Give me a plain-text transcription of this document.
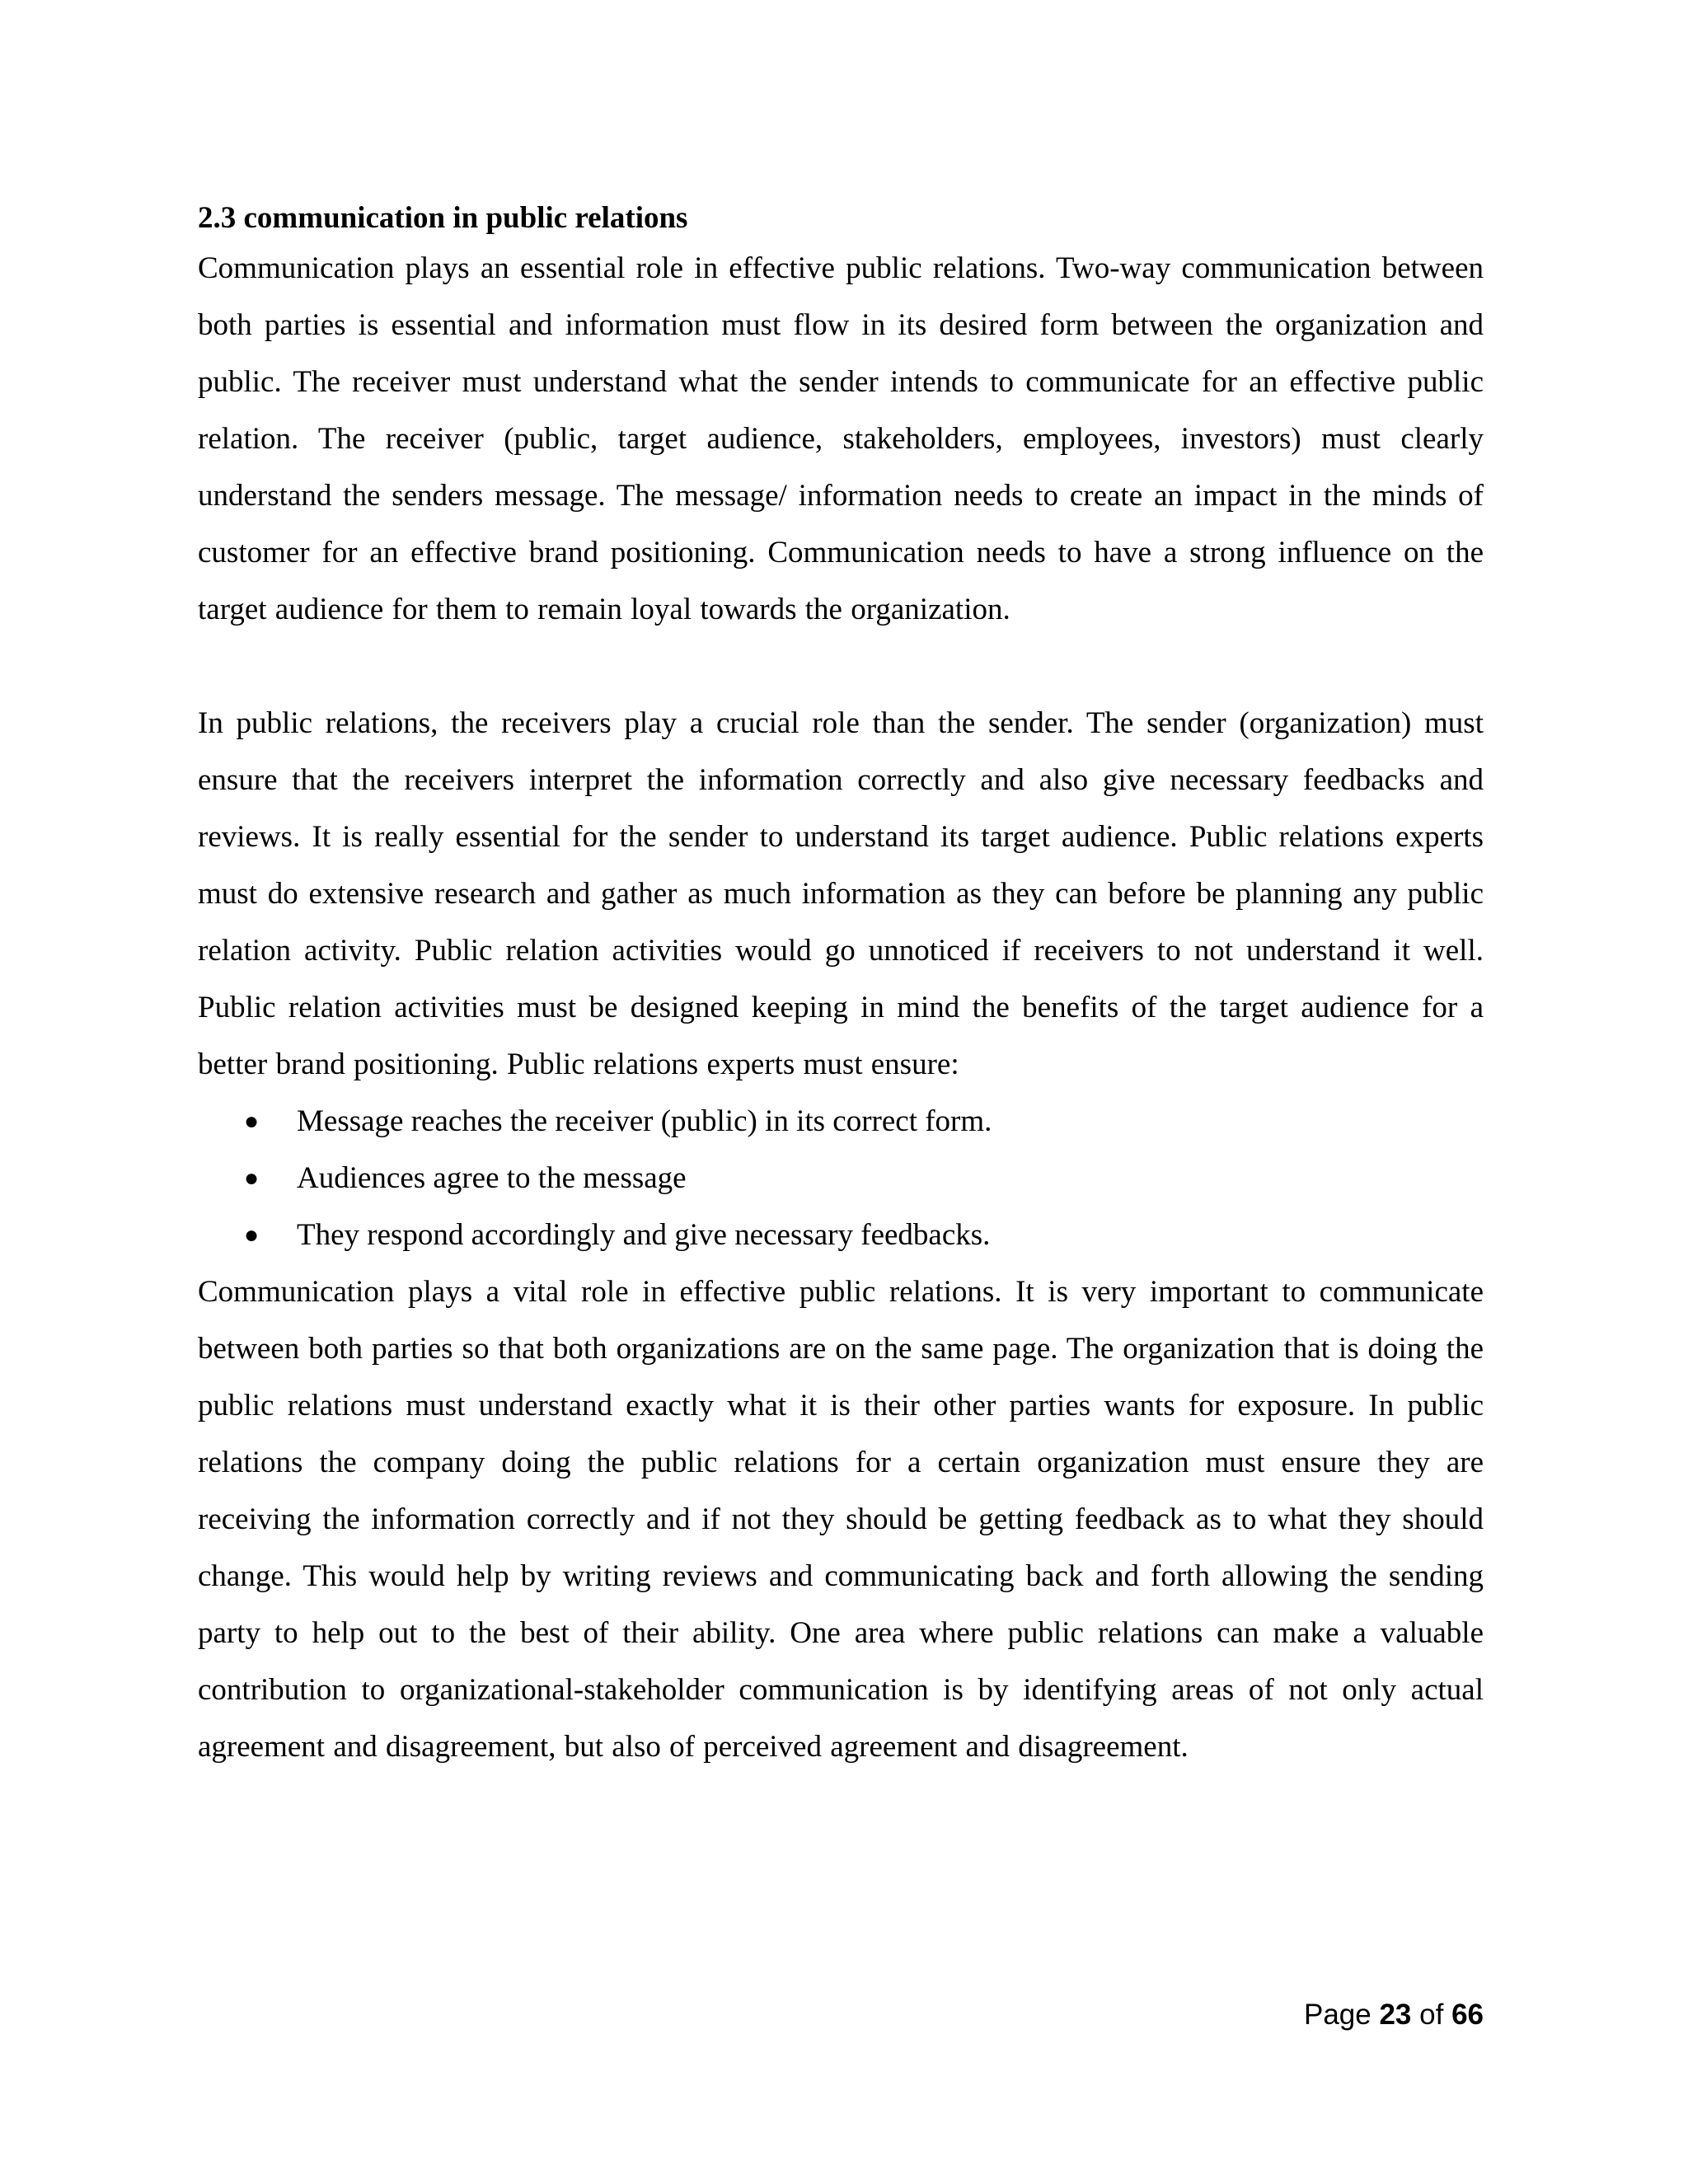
2.3 communication in public relations

Communication plays an essential role in effective public relations. Two-way communication between both parties is essential and information must flow in its desired form between the organization and public. The receiver must understand what the sender intends to communicate for an effective public relation. The receiver (public, target audience, stakeholders, employees, investors) must clearly understand the senders message. The message/ information needs to create an impact in the minds of customer for an effective brand positioning. Communication needs to have a strong influence on the target audience for them to remain loyal towards the organization.

In public relations, the receivers play a crucial role than the sender. The sender (organization) must ensure that the receivers interpret the information correctly and also give necessary feedbacks and reviews. It is really essential for the sender to understand its target audience. Public relations experts must do extensive research and gather as much information as they can before be planning any public relation activity. Public relation activities would go unnoticed if receivers to not understand it well. Public relation activities must be designed keeping in mind the benefits of the target audience for a better brand positioning. Public relations experts must ensure:

● Message reaches the receiver (public) in its correct form.
● Audiences agree to the message
● They respond accordingly and give necessary feedbacks.

Communication plays a vital role in effective public relations. It is very important to communicate between both parties so that both organizations are on the same page. The organization that is doing the public relations must understand exactly what it is their other parties wants for exposure. In public relations the company doing the public relations for a certain organization must ensure they are receiving the information correctly and if not they should be getting feedback as to what they should change. This would help by writing reviews and communicating back and forth allowing the sending party to help out to the best of their ability. One area where public relations can make a valuable contribution to organizational-stakeholder communication is by identifying areas of not only actual agreement and disagreement, but also of perceived agreement and disagreement.

Page 23 of 66
